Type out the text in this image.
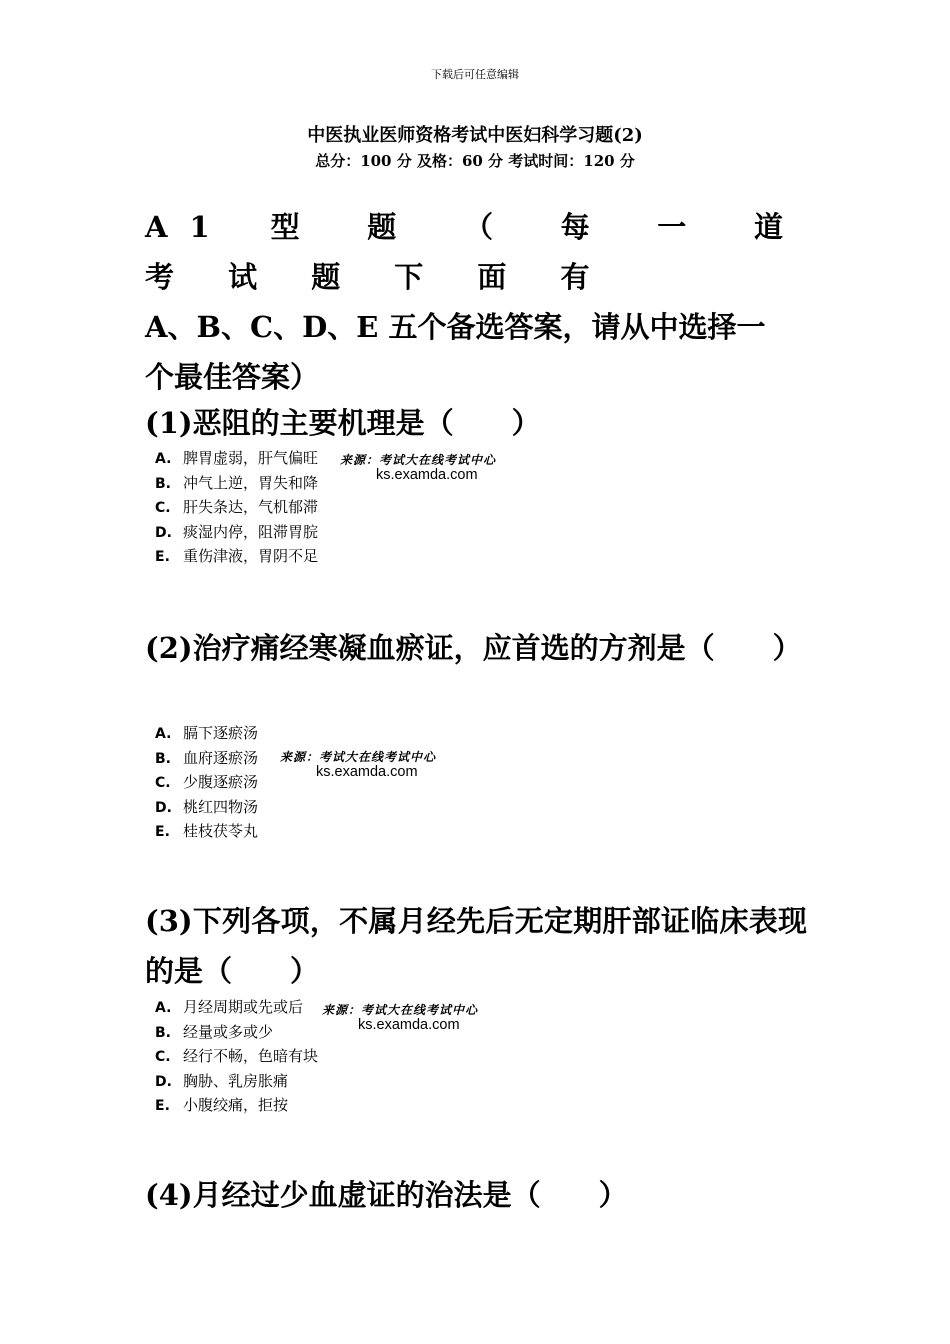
下载后可任意编辑
中医执业医师资格考试中医妇科学习题(2)
总分：100 分 及格：60 分 考试时间：120 分
A1 型 题 （ 每 一 道 考 试 题 下 面 有
A、B、C、D、E 五个备选答案，请从中选择一
个最佳答案）
(1)恶阻的主要机理是（　　）
A. 脾胃虚弱，肝气偏旺
B. 冲气上逆，胃失和降
C. 肝失条达，气机郁滞
D. 痰湿内停，阻滞胃脘
E. 重伤津液，胃阴不足
来源：考试大在线考试中心
ks.examda.com
(2)治疗痛经寒凝血瘀证，应首选的方剂是（　　）
A. 膈下逐瘀汤
B. 血府逐瘀汤
C. 少腹逐瘀汤
D. 桃红四物汤
E. 桂枝茯苓丸
来源：考试大在线考试中心
ks.examda.com
(3)下列各项，不属月经先后无定期肝部证临床表现的是（　　）
A. 月经周期或先或后
B. 经量或多或少
C. 经行不畅，色暗有块
D. 胸胁、乳房胀痛
E. 小腹绞痛，拒按
来源：考试大在线考试中心
ks.examda.com
(4)月经过少血虚证的治法是（　　）
